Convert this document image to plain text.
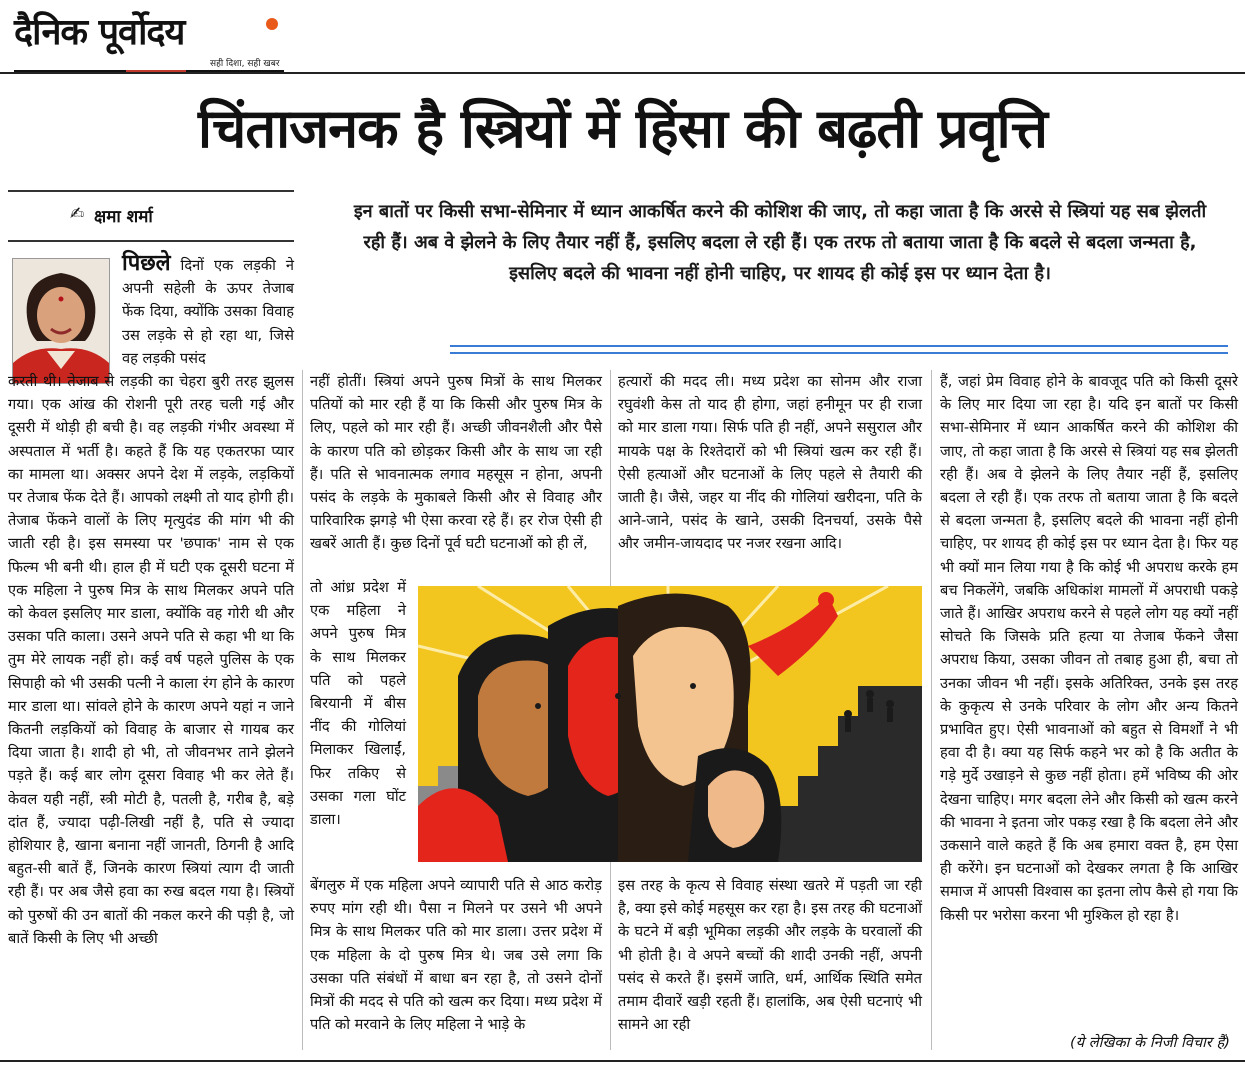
दैनिक पूर्वोदय
सही दिशा, सही खबर
चिंताजनक है स्त्रियों में हिंसा की बढ़ती प्रवृत्ति
✍ क्षमा शर्मा	इन बातों पर किसी सभा-सेमिनार में ध्यान आकर्षित करने की कोशिश की जाए, तो कहा जाता है कि अरसे से स्त्रियां यह सब झेलती रही हैं। अब वे झेलने के लिए तैयार नहीं हैं, इसलिए बदला ले रही हैं। एक तरफ तो बताया जाता है कि बदले से बदला जन्मता है, इसलिए बदले की भावना नहीं होनी चाहिए, पर शायद ही कोई इस पर ध्यान देता है।

पिछले दिनों एक लड़की ने अपनी सहेली के ऊपर तेजाब फेंक दिया, क्योंकि उसका विवाह उस लड़के से हो रहा था, जिसे वह लड़की पसंद

करती थी। तेजाब से लड़की का चेहरा बुरी तरह झुलस गया। एक आंख की रोशनी पूरी तरह चली गई और दूसरी में थोड़ी ही बची है। वह लड़की गंभीर अवस्था में अस्पताल में भर्ती है। कहते हैं कि यह एकतरफा प्यार का मामला था। अक्सर अपने देश में लड़के, लड़कियों पर तेजाब फेंक देते हैं। आपको लक्ष्मी तो याद होगी ही। तेजाब फेंकने वालों के लिए मृत्युदंड की मांग भी की जाती रही है। इस समस्या पर 'छपाक' नाम से एक फिल्म भी बनी थी। हाल ही में घटी एक दूसरी घटना में एक महिला ने पुरुष मित्र के साथ मिलकर अपने पति को केवल इसलिए मार डाला, क्योंकि वह गोरी थी और उसका पति काला। उसने अपने पति से कहा भी था कि तुम मेरे लायक नहीं हो। कई वर्ष पहले पुलिस के एक सिपाही को भी उसकी पत्नी ने काला रंग होने के कारण मार डाला था। सांवले होने के कारण अपने यहां न जाने कितनी लड़कियों को विवाह के बाजार से गायब कर दिया जाता है। शादी हो भी, तो जीवनभर ताने झेलने पड़ते हैं। कई बार लोग दूसरा विवाह भी कर लेते हैं। केवल यही नहीं, स्त्री मोटी है, पतली है, गरीब है, बड़े दांत हैं, ज्यादा पढ़ी-लिखी नहीं है, पति से ज्यादा होशियार है, खाना बनाना नहीं जानती, ठिगनी है आदि बहुत-सी बातें हैं, जिनके कारण स्त्रियां त्याग दी जाती रही हैं। पर अब जैसे हवा का रुख बदल गया है। स्त्रियों को पुरुषों की उन बातों की नकल करने की पड़ी है, जो बातें किसी के लिए भी अच्छी

नहीं होतीं। स्त्रियां अपने पुरुष मित्रों के साथ मिलकर पतियों को मार रही हैं या कि किसी और पुरुष मित्र के लिए, पहले को मार रही हैं। अच्छी जीवनशैली और पैसे के कारण पति को छोड़कर किसी और के साथ जा रही हैं। पति से भावनात्मक लगाव महसूस न होना, अपनी पसंद के लड़के के मुकाबले किसी और से विवाह और पारिवारिक झगड़े भी ऐसा करवा रहे हैं। हर रोज ऐसी ही खबरें आती हैं। कुछ दिनों पूर्व घटी घटनाओं को ही लें,

तो आंध्र प्रदेश में एक महिला ने अपने पुरुष मित्र के साथ मिलकर पति को पहले बिरयानी में बीस नींद की गोलियां मिलाकर खिलाईं, फिर तकिए से उसका गला घोंट डाला।

बेंगलुरु में एक महिला अपने व्यापारी पति से आठ करोड़ रुपए मांग रही थी। पैसा न मिलने पर उसने भी अपने मित्र के साथ मिलकर पति को मार डाला। उत्तर प्रदेश में एक महिला के दो पुरुष मित्र थे। जब उसे लगा कि उसका पति संबंधों में बाधा बन रहा है, तो उसने दोनों मित्रों की मदद से पति को खत्म कर दिया। मध्य प्रदेश में पति को मरवाने के लिए महिला ने भाड़े के

हत्यारों की मदद ली। मध्य प्रदेश का सोनम और राजा रघुवंशी केस तो याद ही होगा, जहां हनीमून पर ही राजा को मार डाला गया। सिर्फ पति ही नहीं, अपने ससुराल और मायके पक्ष के रिश्तेदारों को भी स्त्रियां खत्म कर रही हैं। ऐसी हत्याओं और घटनाओं के लिए पहले से तैयारी की जाती है। जैसे, जहर या नींद की गोलियां खरीदना, पति के आने-जाने, पसंद के खाने, उसकी दिनचर्या, उसके पैसे और जमीन-जायदाद पर नजर रखना आदि।

इस तरह के कृत्य से विवाह संस्था खतरे में पड़ती जा रही है, क्या इसे कोई महसूस कर रहा है। इस तरह की घटनाओं के घटने में बड़ी भूमिका लड़की और लड़के के घरवालों की भी होती है। वे अपने बच्चों की शादी उनकी नहीं, अपनी पसंद से करते हैं। इसमें जाति, धर्म, आर्थिक स्थिति समेत तमाम दीवारें खड़ी रहती हैं। हालांकि, अब ऐसी घटनाएं भी सामने आ रही

हैं, जहां प्रेम विवाह होने के बावजूद पति को किसी दूसरे के लिए मार दिया जा रहा है। यदि इन बातों पर किसी सभा-सेमिनार में ध्यान आकर्षित करने की कोशिश की जाए, तो कहा जाता है कि अरसे से स्त्रियां यह सब झेलती रही हैं। अब वे झेलने के लिए तैयार नहीं हैं, इसलिए बदला ले रही हैं। एक तरफ तो बताया जाता है कि बदले से बदला जन्मता है, इसलिए बदले की भावना नहीं होनी चाहिए, पर शायद ही कोई इस पर ध्यान देता है। फिर यह भी क्यों मान लिया गया है कि कोई भी अपराध करके हम बच निकलेंगे, जबकि अधिकांश मामलों में अपराधी पकड़े जाते हैं। आखिर अपराध करने से पहले लोग यह क्यों नहीं सोचते कि जिसके प्रति हत्या या तेजाब फेंकने जैसा अपराध किया, उसका जीवन तो तबाह हुआ ही, बचा तो उनका जीवन भी नहीं। इसके अतिरिक्त, उनके इस तरह के कुकृत्य से उनके परिवार के लोग और अन्य कितने प्रभावित हुए। ऐसी भावनाओं को बहुत से विमर्शों ने भी हवा दी है। क्या यह सिर्फ कहने भर को है कि अतीत के गड़े मुर्दे उखाड़ने से कुछ नहीं होता। हमें भविष्य की ओर देखना चाहिए। मगर बदला लेने और किसी को खत्म करने की भावना ने इतना जोर पकड़ रखा है कि बदला लेने और उकसाने वाले कहते हैं कि अब हमारा वक्त है, हम ऐसा ही करेंगे। इन घटनाओं को देखकर लगता है कि आखिर समाज में आपसी विश्वास का इतना लोप कैसे हो गया कि किसी पर भरोसा करना भी मुश्किल हो रहा है।

(ये लेखिका के निजी विचार हैं)
